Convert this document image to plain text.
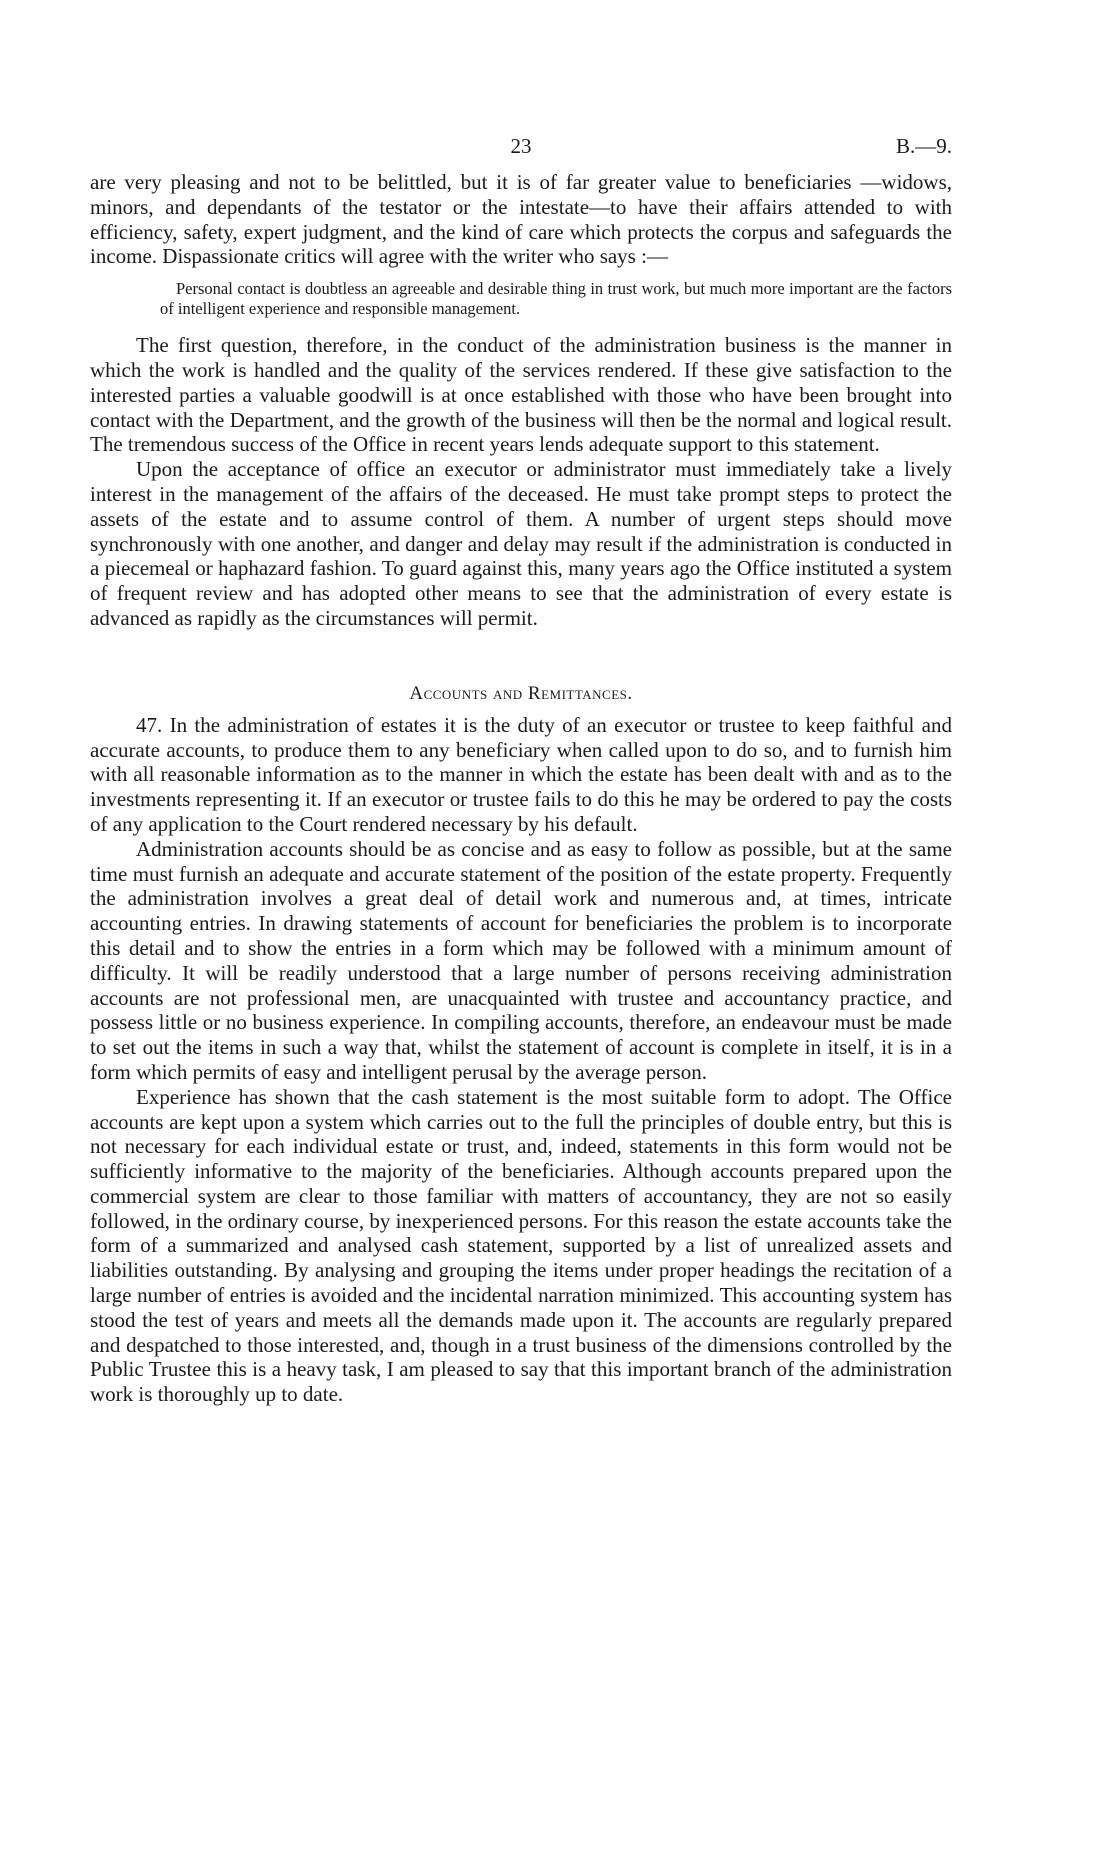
23	B.—9.

are very pleasing and not to be belittled, but it is of far greater value to beneficiaries —widows, minors, and dependants of the testator or the intestate—to have their affairs attended to with efficiency, safety, expert judgment, and the kind of care which protects the corpus and safeguards the income. Dispassionate critics will agree with the writer who says :—

Personal contact is doubtless an agreeable and desirable thing in trust work, but much more important are the factors of intelligent experience and responsible management.

The first question, therefore, in the conduct of the administration business is the manner in which the work is handled and the quality of the services rendered. If these give satisfaction to the interested parties a valuable goodwill is at once established with those who have been brought into contact with the Department, and the growth of the business will then be the normal and logical result. The tremendous success of the Office in recent years lends adequate support to this statement.

Upon the acceptance of office an executor or administrator must immediately take a lively interest in the management of the affairs of the deceased. He must take prompt steps to protect the assets of the estate and to assume control of them. A number of urgent steps should move synchronously with one another, and danger and delay may result if the administration is conducted in a piecemeal or haphazard fashion. To guard against this, many years ago the Office instituted a system of frequent review and has adopted other means to see that the administration of every estate is advanced as rapidly as the circumstances will permit.

Accounts and Remittances.

47. In the administration of estates it is the duty of an executor or trustee to keep faithful and accurate accounts, to produce them to any beneficiary when called upon to do so, and to furnish him with all reasonable information as to the manner in which the estate has been dealt with and as to the investments representing it. If an executor or trustee fails to do this he may be ordered to pay the costs of any application to the Court rendered necessary by his default.

Administration accounts should be as concise and as easy to follow as possible, but at the same time must furnish an adequate and accurate statement of the position of the estate property. Frequently the administration involves a great deal of detail work and numerous and, at times, intricate accounting entries. In drawing statements of account for beneficiaries the problem is to incorporate this detail and to show the entries in a form which may be followed with a minimum amount of difficulty. It will be readily understood that a large number of persons receiving administration accounts are not professional men, are unacquainted with trustee and accountancy practice, and possess little or no business experience. In compiling accounts, therefore, an endeavour must be made to set out the items in such a way that, whilst the statement of account is complete in itself, it is in a form which permits of easy and intelligent perusal by the average person.

Experience has shown that the cash statement is the most suitable form to adopt. The Office accounts are kept upon a system which carries out to the full the principles of double entry, but this is not necessary for each individual estate or trust, and, indeed, statements in this form would not be sufficiently informative to the majority of the beneficiaries. Although accounts prepared upon the commercial system are clear to those familiar with matters of accountancy, they are not so easily followed, in the ordinary course, by inexperienced persons. For this reason the estate accounts take the form of a summarized and analysed cash statement, supported by a list of unrealized assets and liabilities outstanding. By analysing and grouping the items under proper headings the recitation of a large number of entries is avoided and the incidental narration minimized. This accounting system has stood the test of years and meets all the demands made upon it. The accounts are regularly prepared and despatched to those interested, and, though in a trust business of the dimensions controlled by the Public Trustee this is a heavy task, I am pleased to say that this important branch of the administration work is thoroughly up to date.
